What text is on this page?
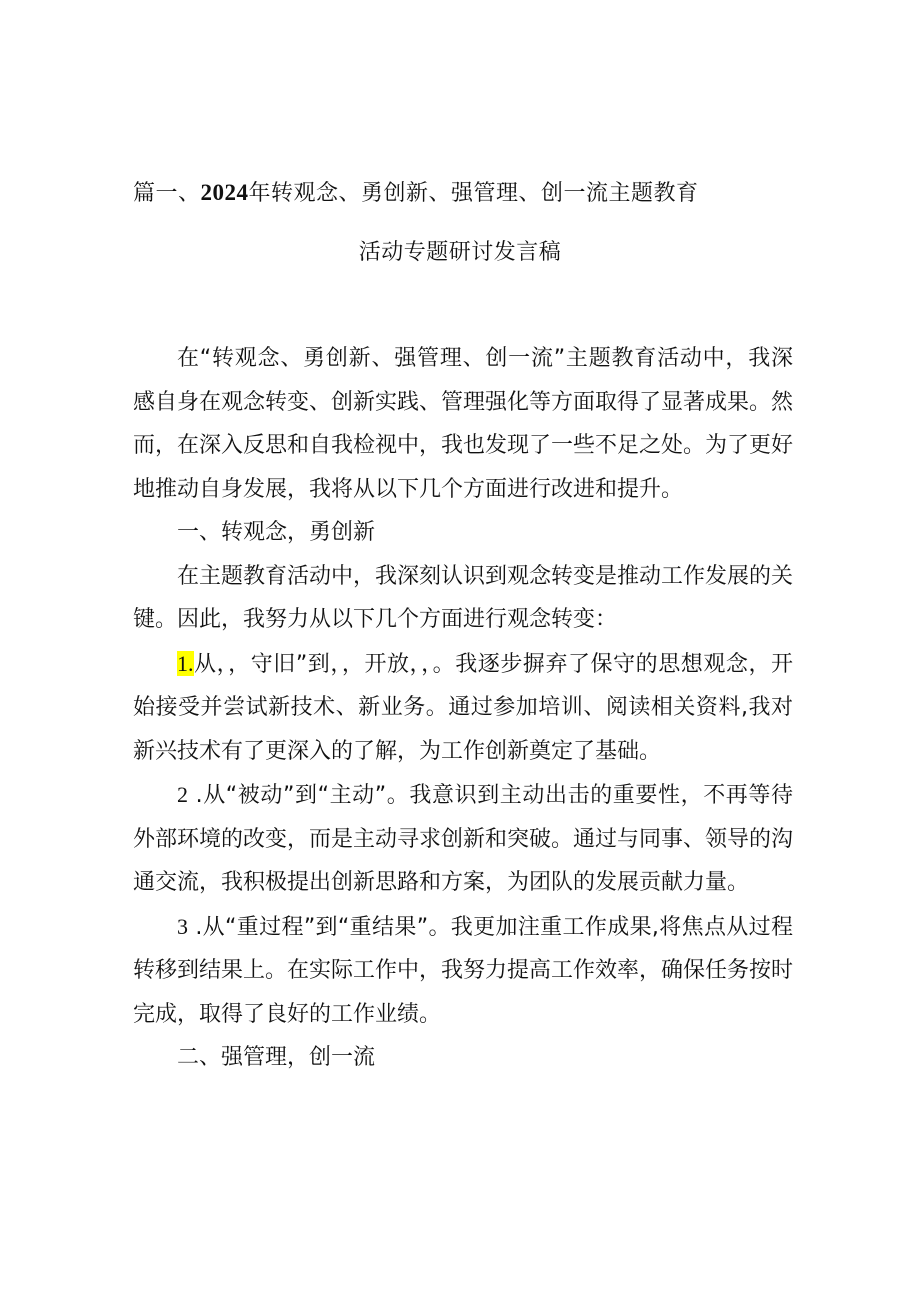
篇一、2024年转观念、勇创新、强管理、创一流主题教育
活动专题研讨发言稿

在“转观念、勇创新、强管理、创一流”主题教育活动中，我深感自身在观念转变、创新实践、管理强化等方面取得了显著成果。然而，在深入反思和自我检视中，我也发现了一些不足之处。为了更好地推动自身发展，我将从以下几个方面进行改进和提升。

一、转观念，勇创新

在主题教育活动中，我深刻认识到观念转变是推动工作发展的关键。因此，我努力从以下几个方面进行观念转变：

1.从，，守旧”到，，开放，，。我逐步摒弃了保守的思想观念，开始接受并尝试新技术、新业务。通过参加培训、阅读相关资料,我对新兴技术有了更深入的了解，为工作创新奠定了基础。

2 .从“被动”到“主动”。我意识到主动出击的重要性，不再等待外部环境的改变，而是主动寻求创新和突破。通过与同事、领导的沟通交流，我积极提出创新思路和方案，为团队的发展贡献力量。

3 .从“重过程”到“重结果”。我更加注重工作成果,将焦点从过程转移到结果上。在实际工作中，我努力提高工作效率，确保任务按时完成，取得了良好的工作业绩。

二、强管理，创一流
